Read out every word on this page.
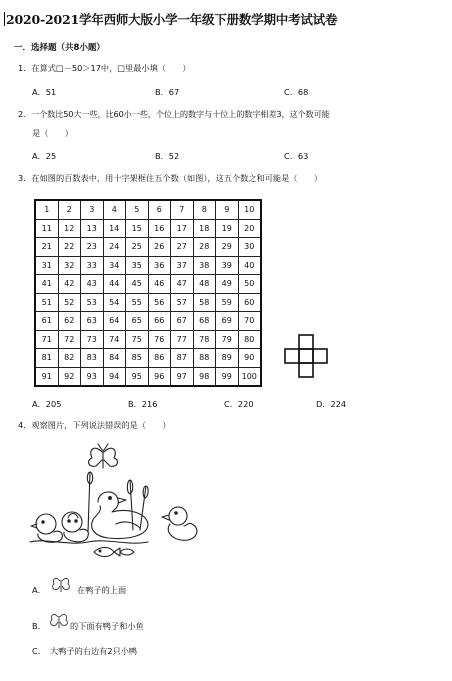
2020-2021学年西师大版小学一年级下册数学期中考试试卷
一．选择题（共8小题）
1．在算式□－50＞17中，□里最小填（　　）
A．51	B．67	C．68
2．一个数比50大一些，比60小一些，个位上的数字与十位上的数字相差3，这个数可能
是（　　）
A．25	B．52	C．63
3．在如图的百数表中，用十字架框住五个数（如图），这五个数之和可能是（　　）
1	2	3	4	5	6	7	8	9	10
11	12	13	14	15	16	17	18	19	20
21	22	23	24	25	26	27	28	29	30
31	32	33	34	35	36	37	38	39	40
41	42	43	44	45	46	47	48	49	50
51	52	53	54	55	56	57	58	59	60
61	62	63	64	65	66	67	68	69	70
71	72	73	74	75	76	77	78	79	80
81	82	83	84	85	86	87	88	89	90
91	92	93	94	95	96	97	98	99	100
A．205	B．216	C．220	D．224
4．观察图片，下列说法错误的是（　　）
A．	在鸭子的上面
B．	的下面有鸭子和小鱼
C． 大鸭子的右边有2只小鸭
